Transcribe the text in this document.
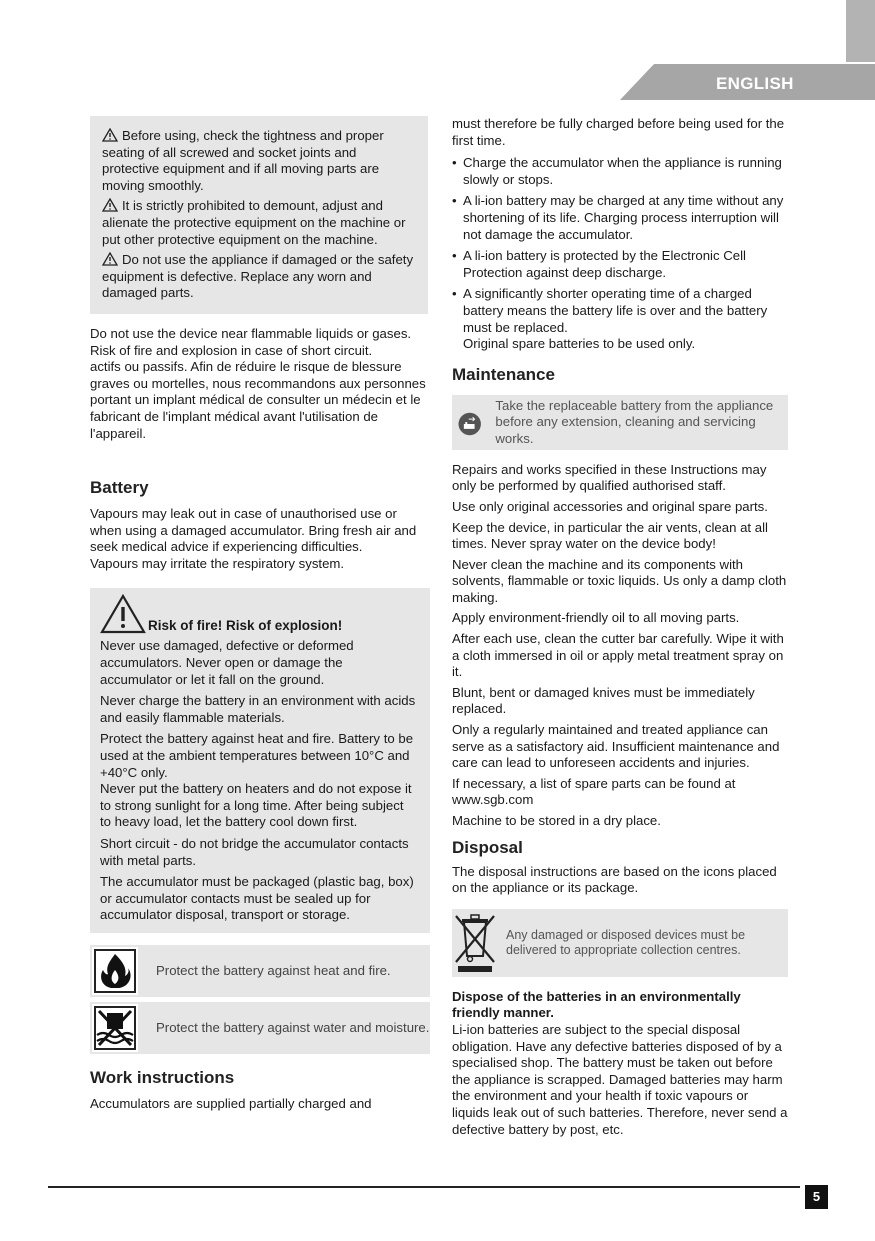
ENGLISH

Before using, check the tightness and proper seating of all screwed and socket joints and protective equipment and if all moving parts are moving smoothly.

It is strictly prohibited to demount, adjust and alienate the protective equipment on the machine or put other protective equipment on the machine.

Do not use the appliance if damaged or the safety equipment is defective. Replace any worn and damaged parts.

Do not use the device near flammable liquids or gases. Risk of fire and explosion in case of short circuit.

actifs ou passifs. Afin de réduire le risque de blessure graves ou mortelles, nous recommandons aux personnes portant un implant médical de consulter un médecin et le fabricant de l'implant médical avant l'utilisation de l'appareil.

Battery

Vapours may leak out in case of unauthorised use or when using a damaged accumulator. Bring fresh air and seek medical advice if experiencing difficulties.

Vapours may irritate the respiratory system.

Risk of fire! Risk of explosion!

Never use damaged, defective or deformed accumulators. Never open or damage the accumulator or let it fall on the ground.

Never charge the battery in an environment with acids and easily flammable materials.

Protect the battery against heat and fire. Battery to be used at the ambient temperatures between 10°C and +40°C only.

Never put the battery on heaters and do not expose it to strong sunlight for a long time. After being subject to heavy load, let the battery cool down first.

Short circuit - do not bridge the accumulator contacts with metal parts.

The accumulator must be packaged (plastic bag, box) or accumulator contacts must be sealed up for accumulator disposal, transport or storage.

Protect the battery against heat and fire.
Protect the battery against water and moisture.
Work instructions

Accumulators are supplied partially charged and

must therefore be fully charged before being used for the first time.

• Charge the accumulator when the appliance is running slowly or stops.
• A li-ion battery may be charged at any time without any shortening of its life. Charging process interruption will not damage the accumulator.
• A li-ion battery is protected by the Electronic Cell Protection against deep discharge.
• A significantly shorter operating time of a charged battery means the battery life is over and the battery must be replaced.

Original spare batteries to be used only.

Maintenance
Take the replaceable battery from the appliance before any extension, cleaning and servicing works.

Repairs and works specified in these Instructions may only be performed by qualified authorised staff.

Use only original accessories and original spare parts.

Keep the device, in particular the air vents, clean at all times. Never spray water on the device body!

Never clean the machine and its components with solvents, flammable or toxic liquids. Us only a damp cloth making.

Apply environment-friendly oil to all moving parts.

After each use, clean the cutter bar carefully. Wipe it with a cloth immersed in oil or apply metal treatment spray on it.

Blunt, bent or damaged knives must be immediately replaced.

Only a regularly maintained and treated appliance can serve as a satisfactory aid. Insufficient maintenance and care can lead to unforeseen accidents and injuries.

If necessary, a list of spare parts can be found at www.sgb.com

Machine to be stored in a dry place.

Disposal

The disposal instructions are based on the icons placed on the appliance or its package.

Any damaged or disposed devices must be delivered to appropriate collection centres.

Dispose of the batteries in an environmentally friendly manner.

Li-ion batteries are subject to the special disposal obligation. Have any defective batteries disposed of by a specialised shop. The battery must be taken out before the appliance is scrapped. Damaged batteries may harm the environment and your health if toxic vapours or liquids leak out of such batteries. Therefore, never send a defective battery by post, etc.

5
